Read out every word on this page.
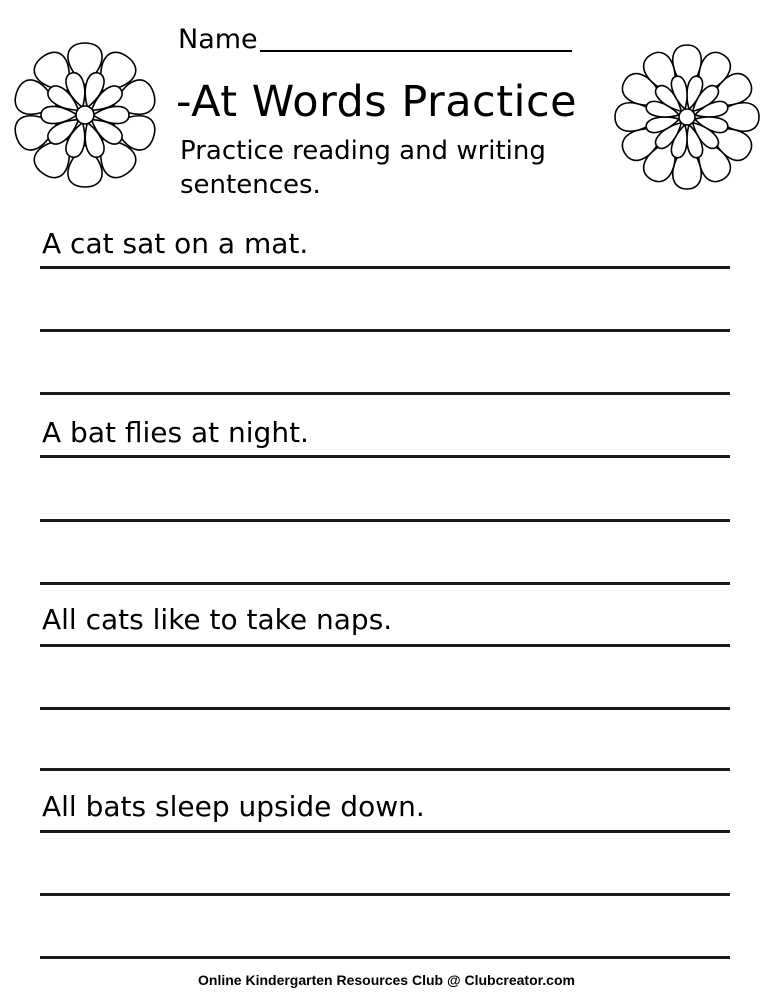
Name
-At Words Practice
Practice reading and writing sentences.
A cat sat on a mat.
A bat flies at night.
All cats like to take naps.
All bats sleep upside down.
Online Kindergarten Resources Club @ Clubcreator.com
